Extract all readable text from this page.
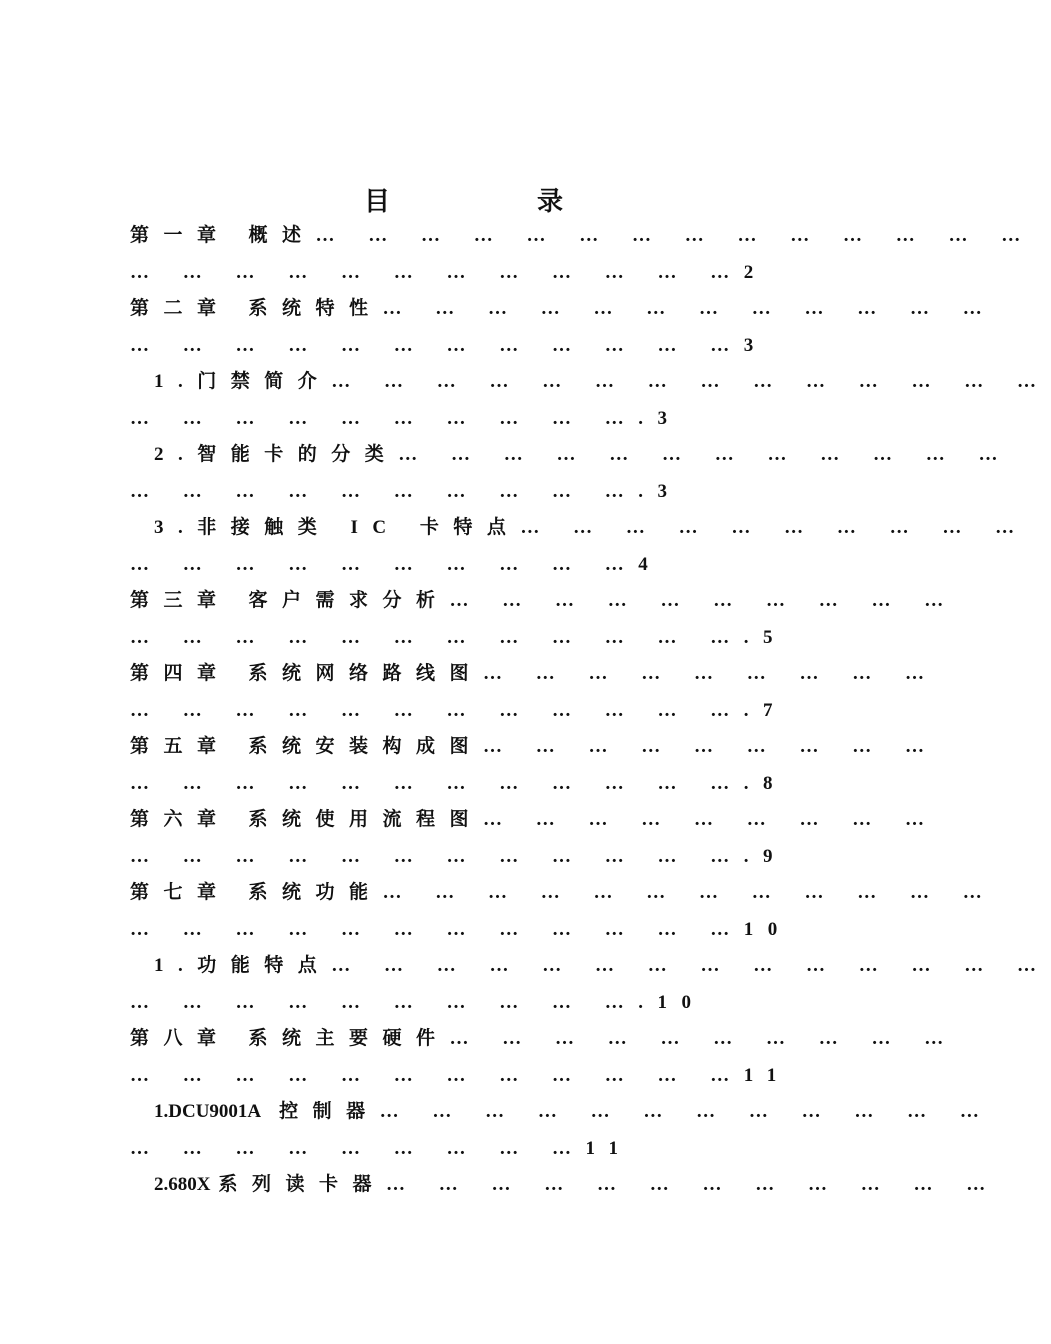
目	录
第一章 概述… … … … … … … … … … … … … …
… … … … … … … … … … … …2
第二章 系统特性… … … … … … … … … … … …
… … … … … … … … … … … …3
1.门禁简介… … … … … … … … … … … … … …
… … … … … … … … … ….3
2.智能卡的分类… … … … … … … … … … … …
… … … … … … … … … ….3
3.非接触类 IC 卡特点… … … … … … … … … …
… … … … … … … … … …4
第三章 客户需求分析… … … … … … … … … …
… … … … … … … … … … … ….5
第四章 系统网络路线图… … … … … … … … …
… … … … … … … … … … … ….7
第五章 系统安装构成图… … … … … … … … …
… … … … … … … … … … … ….8
第六章 系统使用流程图… … … … … … … … …
… … … … … … … … … … … ….9
第七章 系统功能… … … … … … … … … … … …
… … … … … … … … … … … …10
1.功能特点… … … … … … … … … … … … … …
… … … … … … … … … ….10
第八章 系统主要硬件… … … … … … … … … …
… … … … … … … … … … … …11
1.DCU9001A 控制器… … … … … … … … … … … …
… … … … … … … … …11
2.680X 系列读卡器… … … … … … … … … … … …
